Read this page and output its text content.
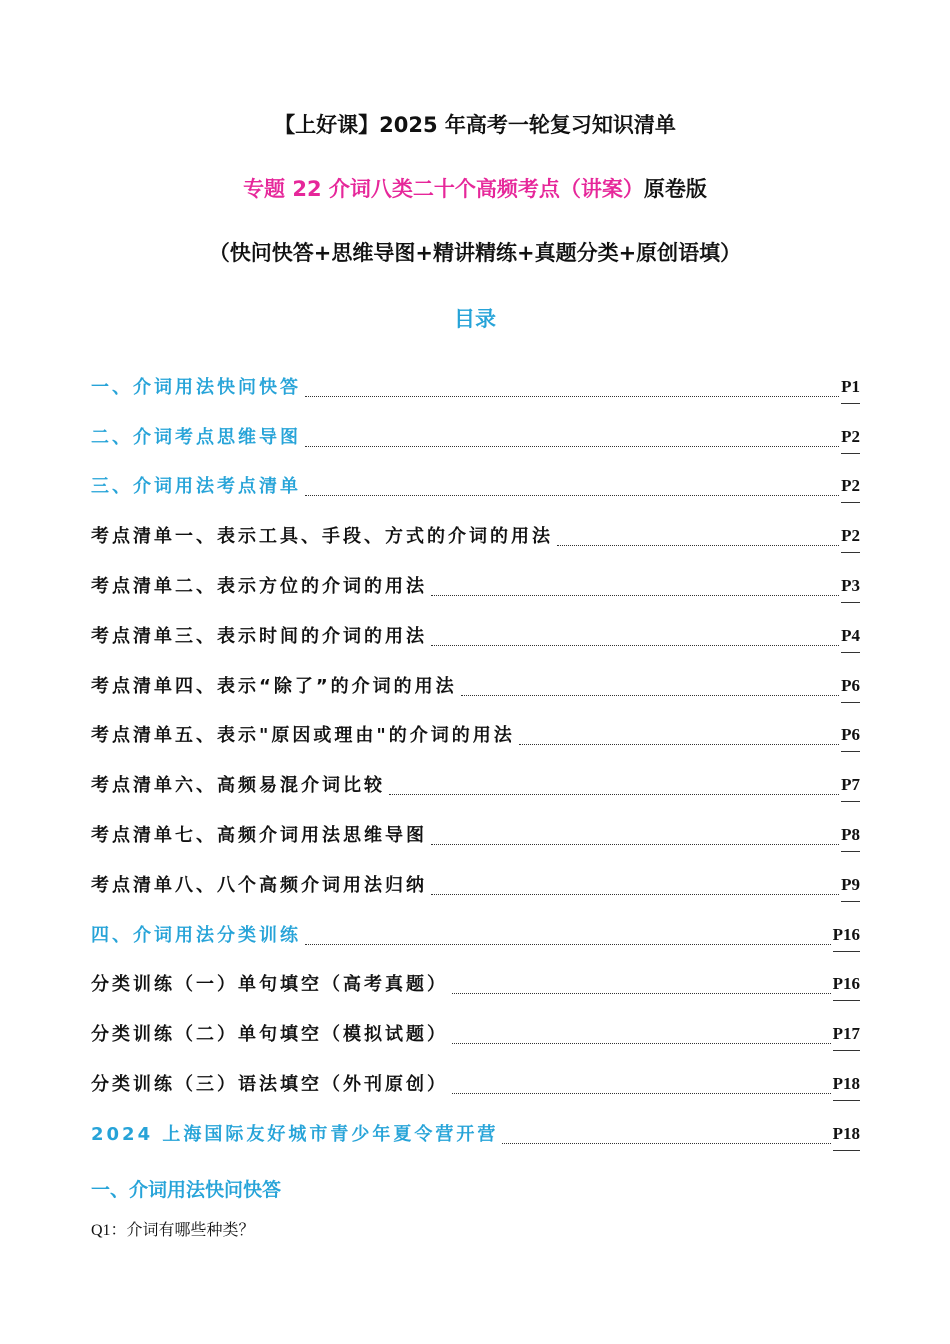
【上好课】2025 年高考一轮复习知识清单
专题 22 介词八类二十个高频考点（讲案）原卷版
（快问快答+思维导图+精讲精练+真题分类+原创语填）
目录
一、介词用法快问快答	P1
二、介词考点思维导图	P2
三、介词用法考点清单	P2
考点清单一、表示工具、手段、方式的介词的用法	P2
考点清单二、表示方位的介词的用法	P3
考点清单三、表示时间的介词的用法	P4
考点清单四、表示“除了”的介词的用法	P6
考点清单五、表示"原因或理由"的介词的用法	P6
考点清单六、高频易混介词比较	P7
考点清单七、高频介词用法思维导图	P8
考点清单八、八个高频介词用法归纳	P9
四、介词用法分类训练	P16
分类训练（一）单句填空（高考真题）	P16
分类训练（二）单句填空（模拟试题）	P17
分类训练（三）语法填空（外刊原创）	P18
2024 上海国际友好城市青少年夏令营开营	P18
一、介词用法快问快答
Q1：介词有哪些种类？
